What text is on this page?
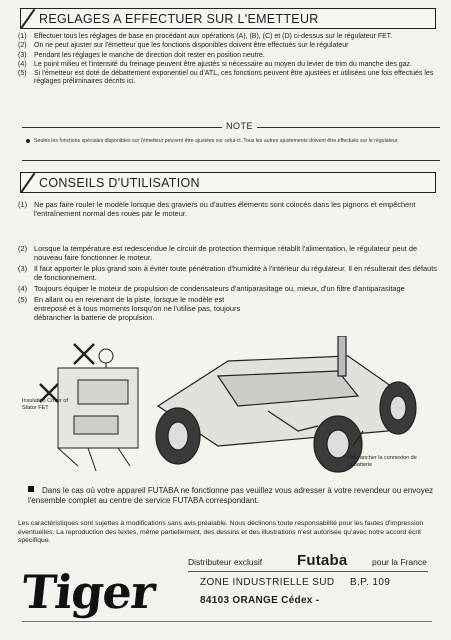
REGLAGES A EFFECTUER SUR L'EMETTEUR
(1)	Effectuer tous les réglages de base en procédant aux opérations (A), (B), (C) et (D) ci-dessus sur le régulateur FET.
(2)	On ne peut ajuster sur l'émetteur que les fonctions disponibles doivent être effectués sur le régulateur
(3)	Pendant les réglages le manche de direction doit rester en position neutre.
(4)	Le point milieu et l'intensité du freinage peuvent être ajustés si nécessaire au moyen du levier de trim du manche des gaz.
(5)	Si l'émetteur est doté de débattement exponentiel ou d'ATL, ces fonctions peuvent être ajustées et utilisées une fois effectués les réglages préliminaires décrits ici.
NOTE
Seules les fonctions spéciales disponibles sur l'émetteur peuvent être ajustées sur celui-ci. Tous les autres ajustements doivent être effectués sur le régulateur.
CONSEILS D'UTILISATION
(1) Ne pas faire rouler le modèle lorsque des graviers ou d'autres éléments sont coincés dans les pignons et empêchent l'entraînement normal des roues par le moteur.
(2) Lorsque la température est redescendue le circuit de protection thermique rétablit l'alimentation, le régulateur peut de nouveau faire fonctionner le moteur.
(3) Il faut apporter le plus grand soin à éviter toute pénétration d'humidité à l'intérieur du régulateur. Il en résulterait des défauts de fonctionnement.
(4) Toujours équiper le moteur de propulsion de condensateurs d'antiparasitage ou, mieux, d'un filtre d'antiparasitage
(5) En allant ou en revenant de la piste, lorsque le modèle est entreposé et à tous moments lorsqu'on ne l'utilise pas, toujours débrancher la batterie de propulsion.
Insulation Cover of Stator FET
Débrancher la connexion de la batterie
Dans le cas où votre appareil FUTABA ne fonctionne pas veuillez vous adresser à votre revendeur ou envoyez l'ensemble complet au centre de service FUTABA correspondant.
Les caractéristiques sont sujettes à modifications sans avis préalable. Nous déclinons toute responsabilité pour les fautes d'impression éventuelles. La reproduction des textes, même partiellement, des dessins et des illustrations n'est autorisée qu'avec notre accord écrit spécifique.
Tiger
Distributeur exclusif Futaba	pour la France
ZONE INDUSTRIELLE SUD B.P. 109
84103 ORANGE Cédex -
